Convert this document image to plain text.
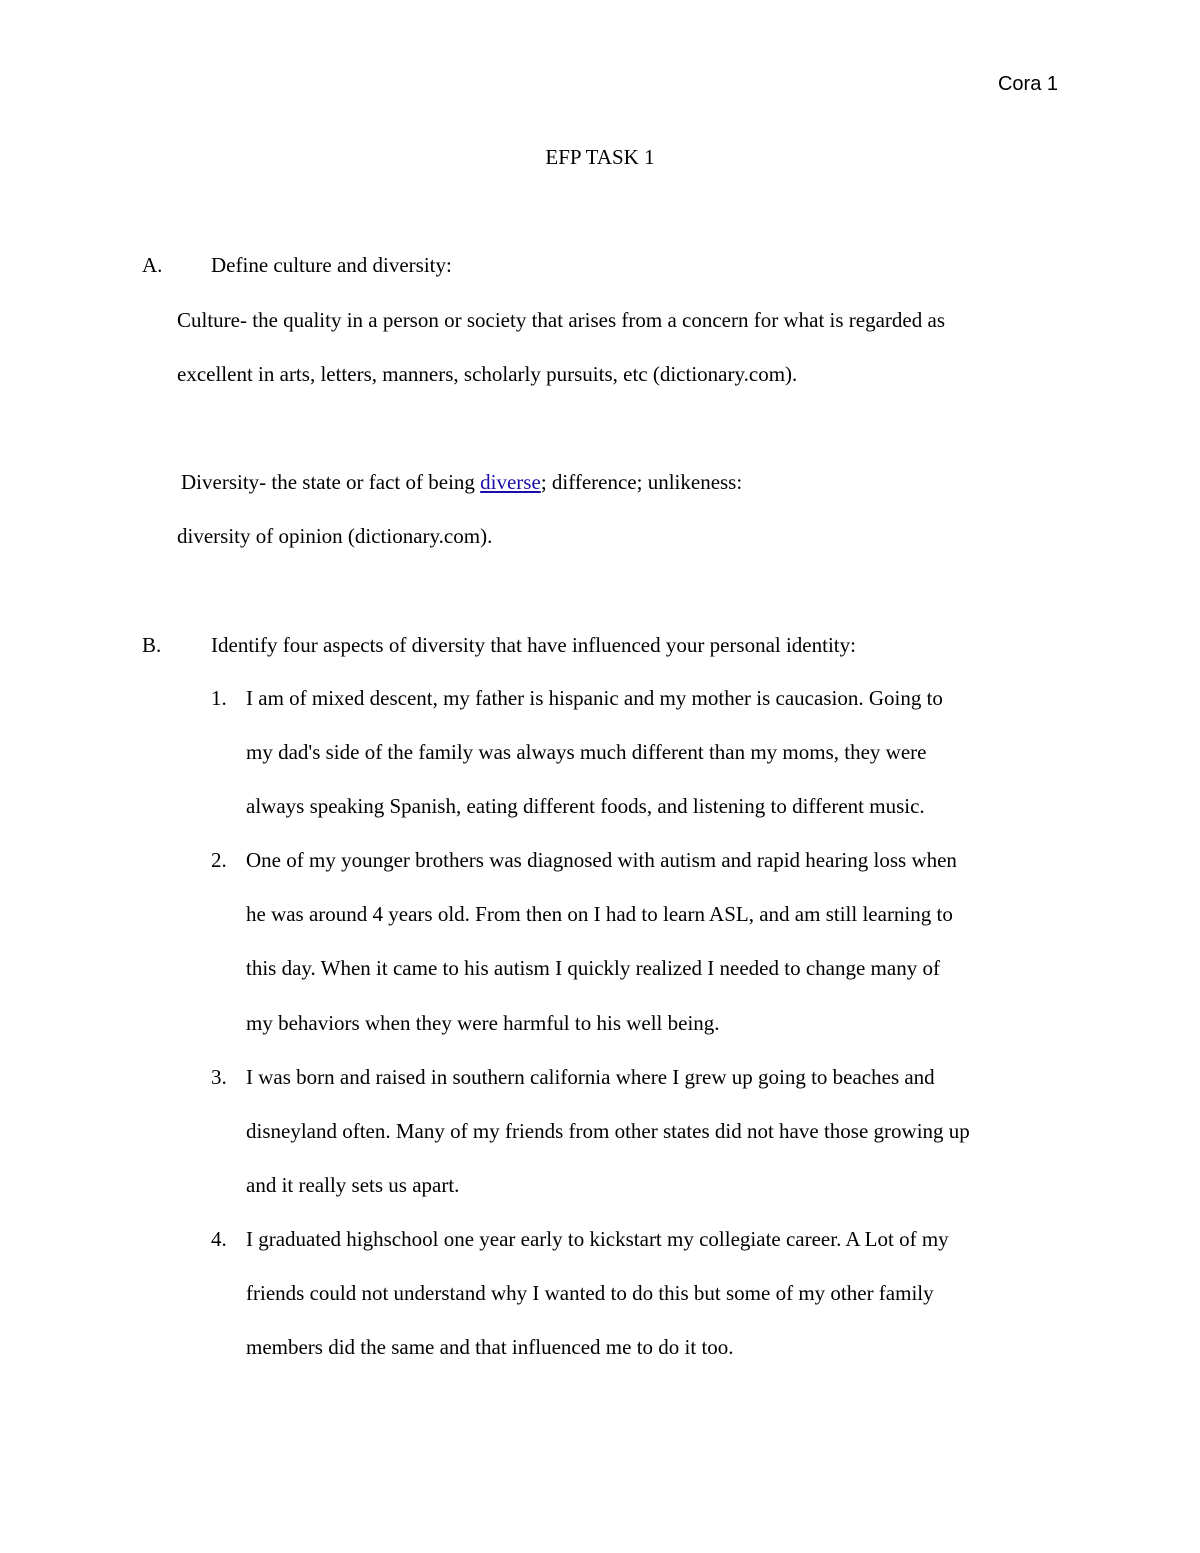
Cora 1
EFP TASK 1
A. Define culture and diversity:
Culture- the quality in a person or society that arises from a concern for what is regarded as
excellent in arts, letters, manners, scholarly pursuits, etc (dictionary.com).
Diversity- the state or fact of being diverse; difference; unlikeness:
diversity of opinion (dictionary.com).
B. Identify four aspects of diversity that have influenced your personal identity:
1. I am of mixed descent, my father is hispanic and my mother is caucasion. Going to
my dad's side of the family was always much different than my moms, they were
always speaking Spanish, eating different foods, and listening to different music.
2. One of my younger brothers was diagnosed with autism and rapid hearing loss when
he was around 4 years old. From then on I had to learn ASL, and am still learning to
this day. When it came to his autism I quickly realized I needed to change many of
my behaviors when they were harmful to his well being.
3. I was born and raised in southern california where I grew up going to beaches and
disneyland often. Many of my friends from other states did not have those growing up
and it really sets us apart.
4. I graduated highschool one year early to kickstart my collegiate career. A Lot of my
friends could not understand why I wanted to do this but some of my other family
members did the same and that influenced me to do it too.
